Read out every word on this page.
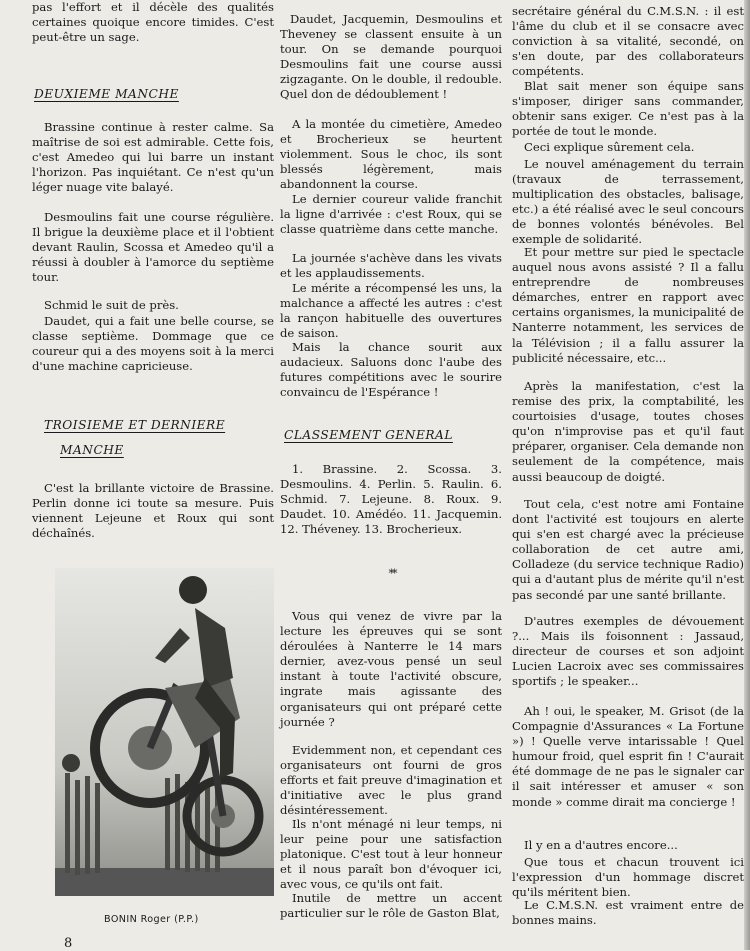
pas l'effort et il décèle des qualités certaines quoique encore timides. C'est peut-être un sage.

DEUXIEME MANCHE

Brassine continue à rester calme. Sa maîtrise de soi est admirable. Cette fois, c'est Amedeo qui lui barre un instant l'horizon. Pas inquiétant. Ce n'est qu'un léger nuage vite balayé.

Desmoulins fait une course régulière. Il brigue la deuxième place et il l'obtient devant Raulin, Scossa et Amedeo qu'il a réussi à doubler à l'amorce du septième tour.

Schmid le suit de près.

Daudet, qui a fait une belle course, se classe septième. Dommage que ce coureur qui a des moyens soit à la merci d'une machine capricieuse.

TROISIEME ET DERNIERE
MANCHE

C'est la brillante victoire de Brassine. Perlin donne ici toute sa mesure. Puis viennent Lejeune et Roux qui sont déchaînés.

BONIN Roger (P.P.)

Daudet, Jacquemin, Desmoulins et Theveney se classent ensuite à un tour. On se demande pourquoi Desmoulins fait une course aussi zigzagante. On le double, il redouble. Quel don de dédoublement !

A la montée du cimetière, Amedeo et Brocherieux se heurtent violemment. Sous le choc, ils sont blessés légèrement, mais abandonnent la course.

Le dernier coureur valide franchit la ligne d'arrivée : c'est Roux, qui se classe quatrième dans cette manche.

La journée s'achève dans les vivats et les applaudissements.

Le mérite a récompensé les uns, la malchance a affecté les autres : c'est la rançon habituelle des ouvertures de saison.

Mais la chance sourit aux audacieux. Saluons donc l'aube des futures compétitions avec le sourire convaincu de l'Espérance !

CLASSEMENT GENERAL

1. Brassine. 2. Scossa. 3. Desmoulins. 4. Perlin. 5. Raulin. 6. Schmid. 7. Lejeune. 8. Roux. 9. Daudet. 10. Amédéo. 11. Jacquemin. 12. Théveney. 13. Brocherieux.

**

Vous qui venez de vivre par la lecture les épreuves qui se sont déroulées à Nanterre le 14 mars dernier, avez-vous pensé un seul instant à toute l'activité obscure, ingrate mais agissante des organisateurs qui ont préparé cette journée ?

Evidemment non, et cependant ces organisateurs ont fourni de gros efforts et fait preuve d'imagination et d'initiative avec le plus grand désintéressement.

Ils n'ont ménagé ni leur temps, ni leur peine pour une satisfaction platonique. C'est tout à leur honneur et il nous paraît bon d'évoquer ici, avec vous, ce qu'ils ont fait.

Inutile de mettre un accent particulier sur le rôle de Gaston Blat,

secrétaire général du C.M.S.N. : il est l'âme du club et il se consacre avec conviction à sa vitalité, secondé, on s'en doute, par des collaborateurs compétents.

Blat sait mener son équipe sans s'imposer, diriger sans commander, obtenir sans exiger. Ce n'est pas à la portée de tout le monde.

Ceci explique sûrement cela.

Le nouvel aménagement du terrain (travaux de terrassement, multiplication des obstacles, balisage, etc.) a été réalisé avec le seul concours de bonnes volontés bénévoles. Bel exemple de solidarité.

Et pour mettre sur pied le spectacle auquel nous avons assisté ? Il a fallu entreprendre de nombreuses démarches, entrer en rapport avec certains organismes, la municipalité de Nanterre notamment, les services de la Télévision ; il a fallu assurer la publicité nécessaire, etc...

Après la manifestation, c'est la remise des prix, la comptabilité, les courtoisies d'usage, toutes choses qu'on n'improvise pas et qu'il faut préparer, organiser. Cela demande non seulement de la compétence, mais aussi beaucoup de doigté.

Tout cela, c'est notre ami Fontaine dont l'activité est toujours en alerte qui s'en est chargé avec la précieuse collaboration de cet autre ami, Colladeze (du service technique Radio) qui a d'autant plus de mérite qu'il n'est pas secondé par une santé brillante.

D'autres exemples de dévouement ?... Mais ils foisonnent : Jassaud, directeur de courses et son adjoint Lucien Lacroix avec ses commissaires sportifs ; le speaker...

Ah ! oui, le speaker, M. Grisot (de la Compagnie d'Assurances « La Fortune ») ! Quelle verve intarissable ! Quel humour froid, quel esprit fin ! C'aurait été dommage de ne pas le signaler car il sait intéresser et amuser « son monde » comme dirait ma concierge !

Il y en a d'autres encore...

Que tous et chacun trouvent ici l'expression d'un hommage discret qu'ils méritent bien.

Le C.M.S.N. est vraiment entre de bonnes mains.

8
